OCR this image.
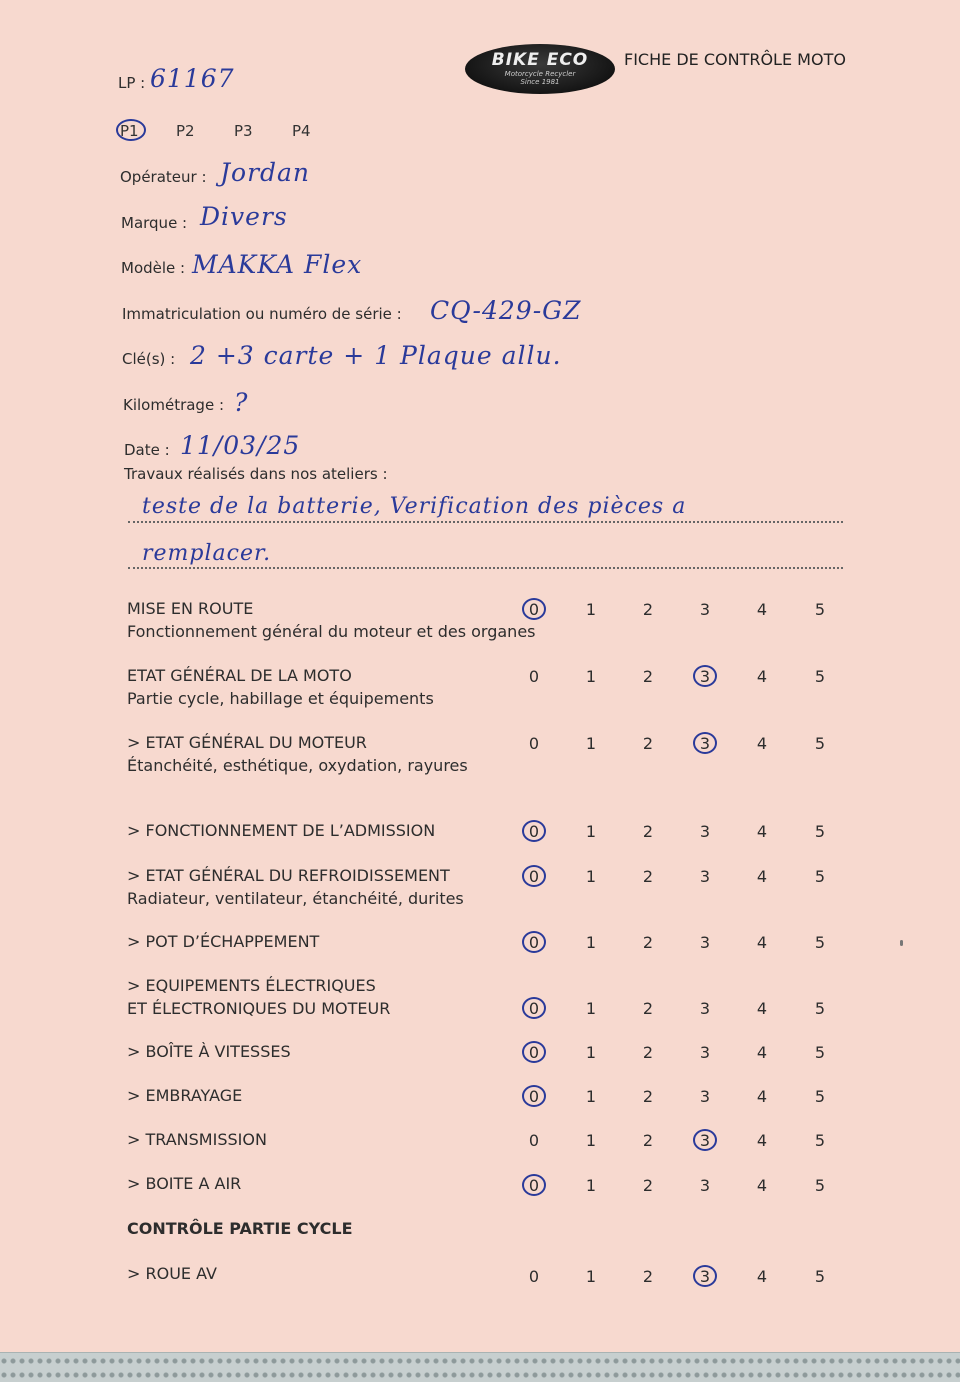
BIKE ECO
Motorcycle Recycler
Since 1981
FICHE DE CONTRÔLE MOTO
LP : 61167
P1 P2	P3	P4
Opérateur : Jordan
Marque : Divers
Modèle : MAKKA Flex
Immatriculation ou numéro de série : CQ-429-GZ
Clé(s) : 2 +3 carte + 1 Plaque allu.
Kilométrage : ?
Date : 11/03/25
Travaux réalisés dans nos ateliers :
teste de la batterie, Verification des pièces a
remplacer.
MISE EN ROUTE
Fonctionnement général du moteur et des organes
0	1	2	3	4	5
ETAT GÉNÉRAL DE LA MOTO
Partie cycle, habillage et équipements
0	1	2	3	4	5
> ETAT GÉNÉRAL DU MOTEUR
Étanchéité, esthétique, oxydation, rayures
0	1	2	3	4	5
> FONCTIONNEMENT DE L’ADMISSION	0	1	2	3	4	5
> ETAT GÉNÉRAL DU REFROIDISSEMENT
Radiateur, ventilateur, étanchéité, durites
0	1	2	3	4	5
> POT D’ÉCHAPPEMENT	0	1	2	3	4	5
> EQUIPEMENTS ÉLECTRIQUES
ET ÉLECTRONIQUES DU MOTEUR	0	1	2	3	4	5
> BOÎTE À VITESSES	0	1	2	3	4	5
> EMBRAYAGE	0	1	2	3	4	5
> TRANSMISSION	0	1	2	3	4	5
> BOITE A AIR	0	1	2	3	4	5
CONTRÔLE PARTIE CYCLE
> ROUE AV	0	1	2	3	4	5
